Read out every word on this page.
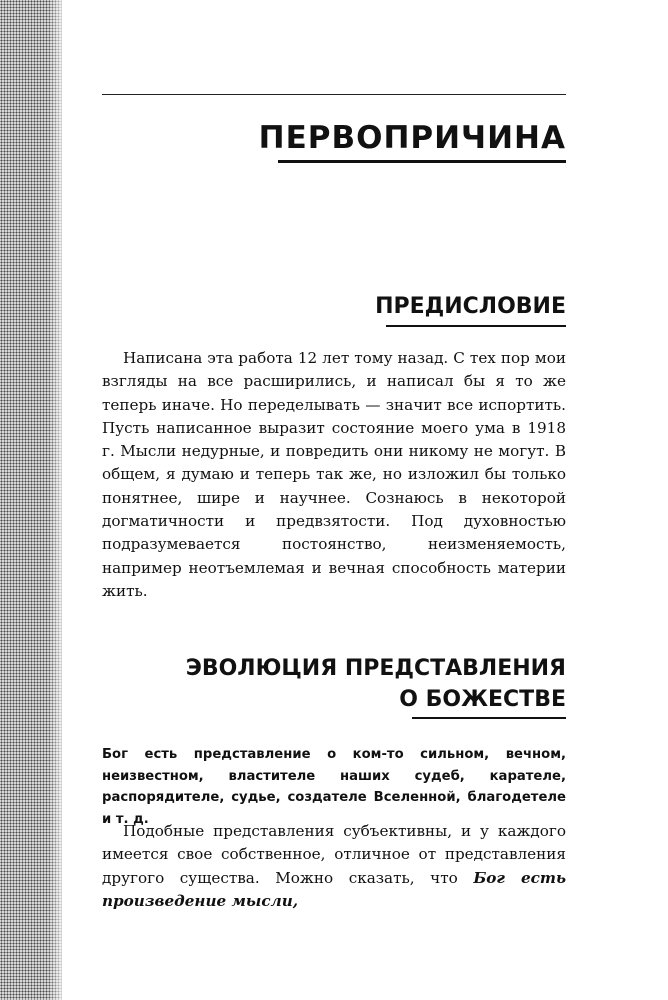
ПЕРВОПРИЧИНА
ПРЕДИСЛОВИЕ

Написана эта работа 12 лет тому назад. С тех пор мои взгляды на все расширились, и написал бы я то же теперь иначе. Но переделывать — значит все испортить. Пусть написанное выразит состояние моего ума в 1918 г. Мысли недурные, и повредить они никому не могут. В общем, я думаю и теперь так же, но изложил бы только понятнее, шире и научнее. Сознаюсь в некоторой догматичности и предвзятости. Под духовностью подразумевается постоянство, неизменяемость, например неотъемлемая и вечная способность материи жить.

ЭВОЛЮЦИЯ ПРЕДСТАВЛЕНИЯ
О БОЖЕСТВЕ

Бог есть представление о ком-то сильном, вечном, неизвестном, властителе наших судеб, карателе, распорядителе, судье, создателе Вселенной, благодетеле и т. д.

Подобные представления субъективны, и у каждого имеется свое собственное, отличное от представления другого существа. Можно сказать, что Бог есть произведение мысли,
